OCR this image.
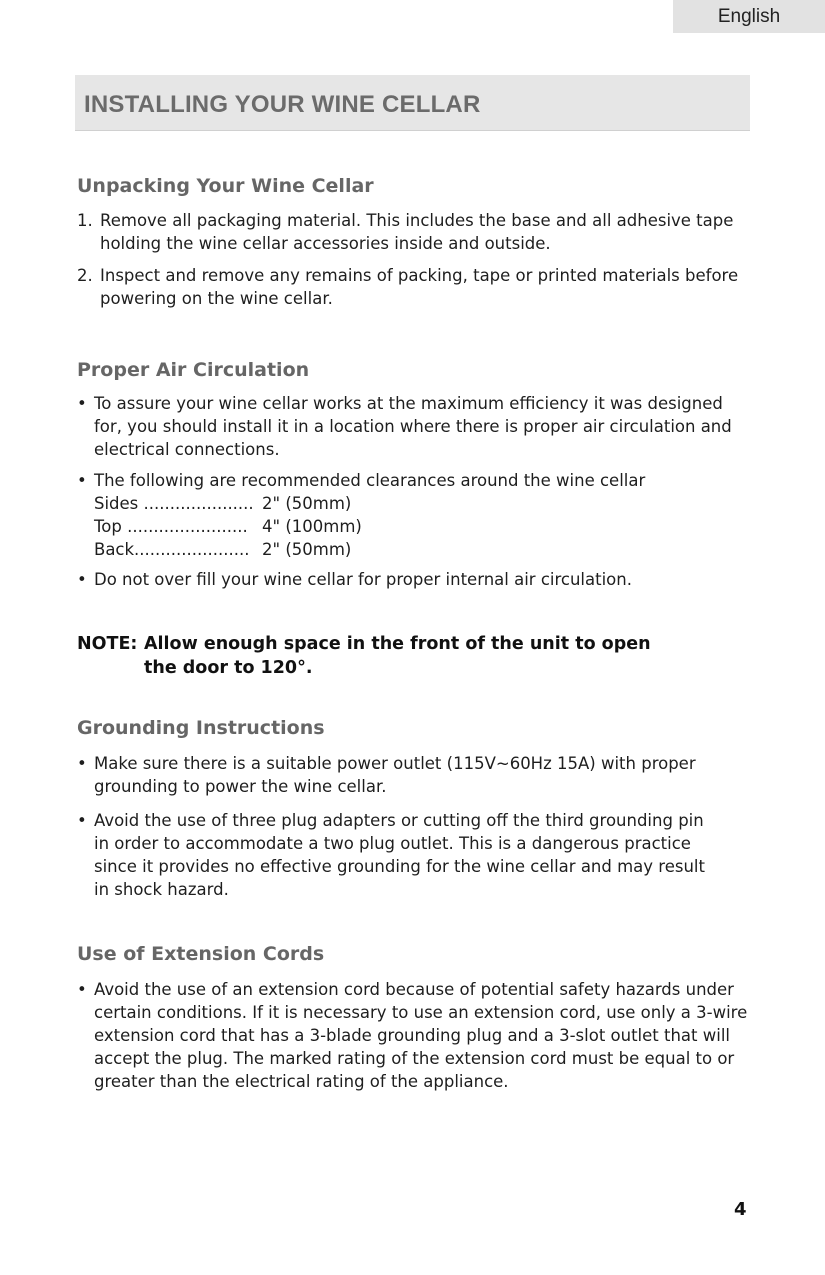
English
INSTALLING YOUR WINE CELLAR
Unpacking Your Wine Cellar
1. Remove all packaging material. This includes the base and all adhesive tape holding the wine cellar accessories inside and outside.
2. Inspect and remove any remains of packing, tape or printed materials before powering on the wine cellar.
Proper Air Circulation
• To assure your wine cellar works at the maximum efficiency it was designed for, you should install it in a location where there is proper air circulation and electrical connections.
• The following are recommended clearances around the wine cellar
Sides ..................... 2" (50mm)
Top ....................... 4" (100mm)
Back...................... 2" (50mm)
• Do not over fill your wine cellar for proper internal air circulation.
NOTE: Allow enough space in the front of the unit to open the door to 120°.
Grounding Instructions
• Make sure there is a suitable power outlet (115V~60Hz 15A) with proper grounding to power the wine cellar.
• Avoid the use of three plug adapters or cutting off the third grounding pin in order to accommodate a two plug outlet. This is a dangerous practice since it provides no effective grounding for the wine cellar and may result in shock hazard.
Use of Extension Cords
• Avoid the use of an extension cord because of potential safety hazards under certain conditions. If it is necessary to use an extension cord, use only a 3-wire extension cord that has a 3-blade grounding plug and a 3-slot outlet that will accept the plug. The marked rating of the extension cord must be equal to or greater than the electrical rating of the appliance.
4
